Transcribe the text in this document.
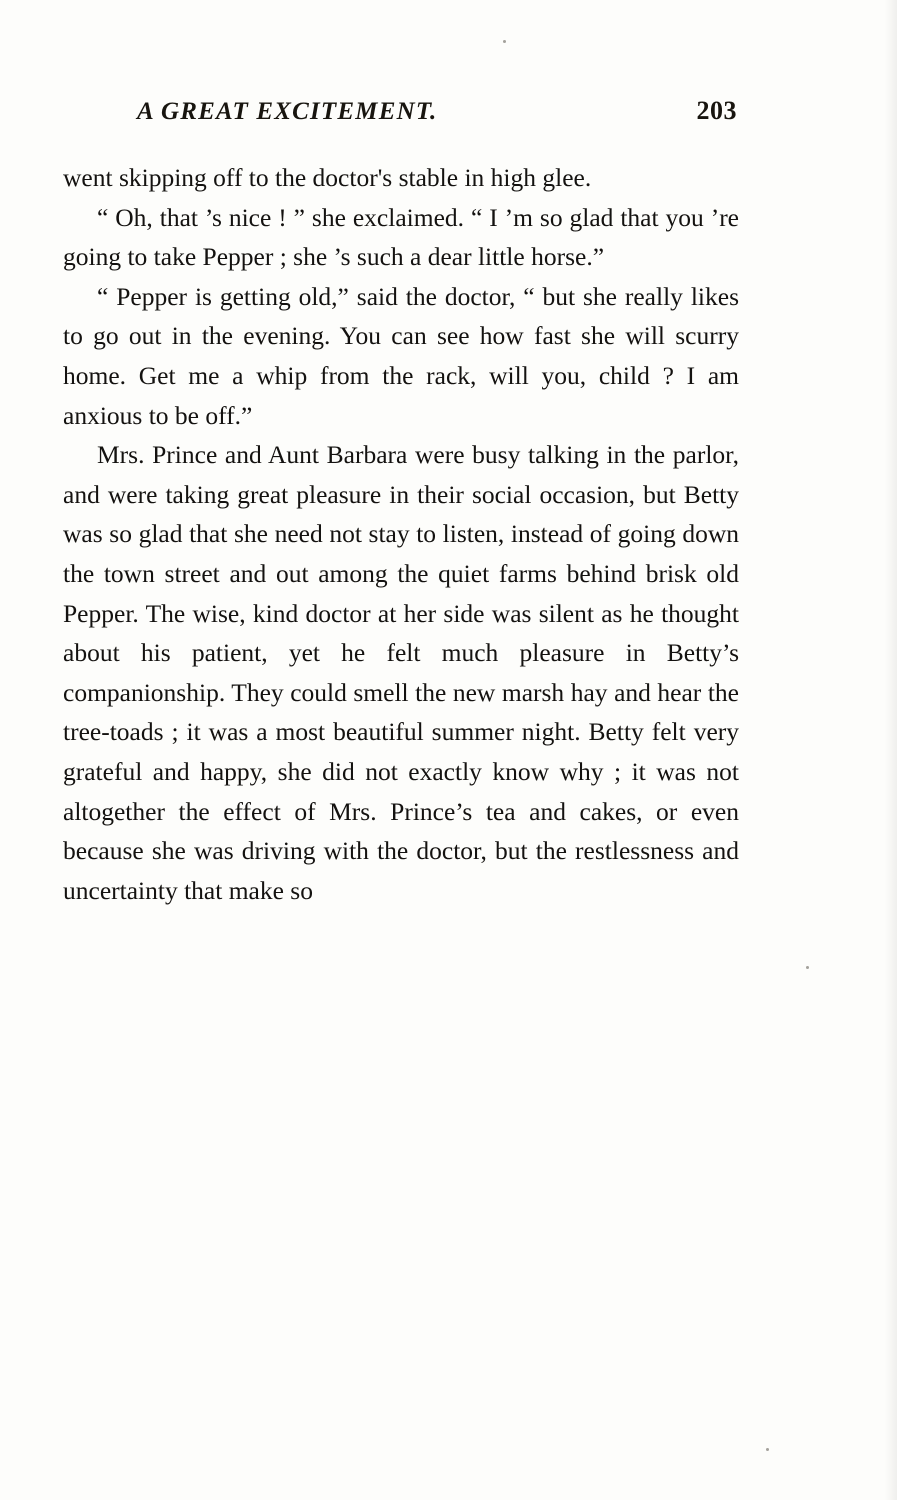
A GREAT EXCITEMENT.	203

went skipping off to the doctor's stable in high glee.

“ Oh, that ’s nice ! ” she exclaimed. “ I ’m so glad that you ’re going to take Pepper ; she ’s such a dear little horse.”

“ Pepper is getting old,” said the doctor, “ but she really likes to go out in the evening. You can see how fast she will scurry home. Get me a whip from the rack, will you, child ? I am anxious to be off.”

Mrs. Prince and Aunt Barbara were busy talking in the parlor, and were taking great pleasure in their social occasion, but Betty was so glad that she need not stay to listen, instead of going down the town street and out among the quiet farms behind brisk old Pepper. The wise, kind doctor at her side was silent as he thought about his patient, yet he felt much pleasure in Betty’s companionship. They could smell the new marsh hay and hear the tree-toads ; it was a most beautiful summer night. Betty felt very grateful and happy, she did not exactly know why ; it was not altogether the effect of Mrs. Prince’s tea and cakes, or even because she was driving with the doctor, but the restlessness and uncertainty that make so
